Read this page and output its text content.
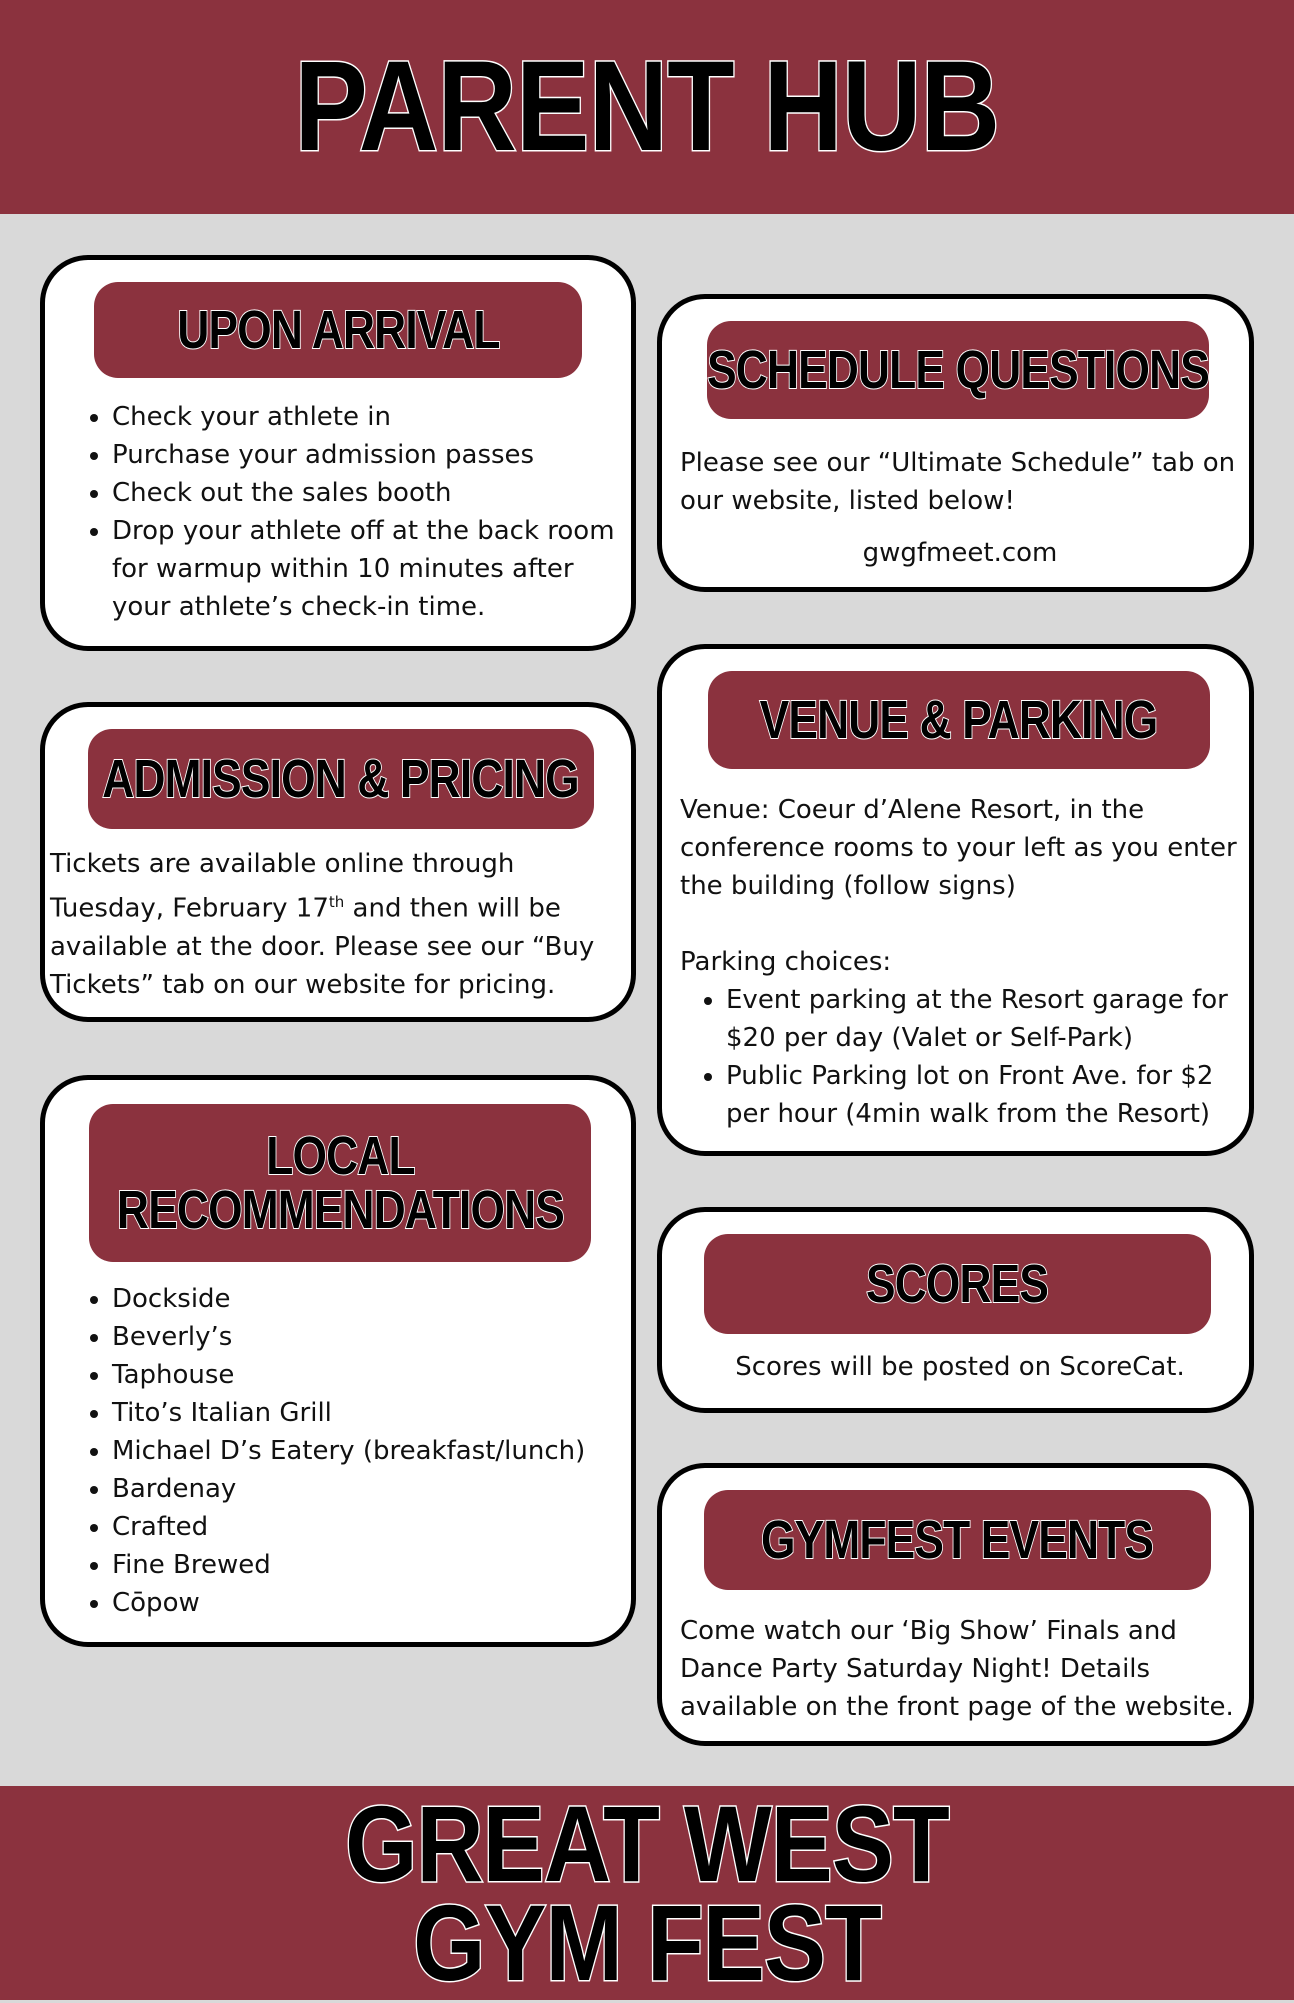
PARENT HUB
UPON ARRIVAL
• Check your athlete in
• Purchase your admission passes
• Check out the sales booth
• Drop your athlete off at the back room for warmup within 10 minutes after your athlete’s check-in time.
SCHEDULE QUESTIONS

Please see our “Ultimate Schedule” tab on our website, listed below!

gwgfmeet.com

ADMISSION & PRICING

Tickets are available online through Tuesday, February 17th and then will be available at the door. Please see our “Buy Tickets” tab on our website for pricing.

VENUE & PARKING

Venue: Coeur d’Alene Resort, in the conference rooms to your left as you enter the building (follow signs)

Parking choices:

• Event parking at the Resort garage for $20 per day (Valet or Self-Park)
• Public Parking lot on Front Ave. for $2 per hour (4min walk from the Resort)
LOCAL
RECOMMENDATIONS
• Dockside
• Beverly’s
• Taphouse
• Tito’s Italian Grill
• Michael D’s Eatery (breakfast/lunch)
• Bardenay
• Crafted
• Fine Brewed
• Cōpow
SCORES

Scores will be posted on ScoreCat.

GYMFEST EVENTS

Come watch our ‘Big Show’ Finals and Dance Party Saturday Night! Details available on the front page of the website.

GREAT WEST
GYM FEST
